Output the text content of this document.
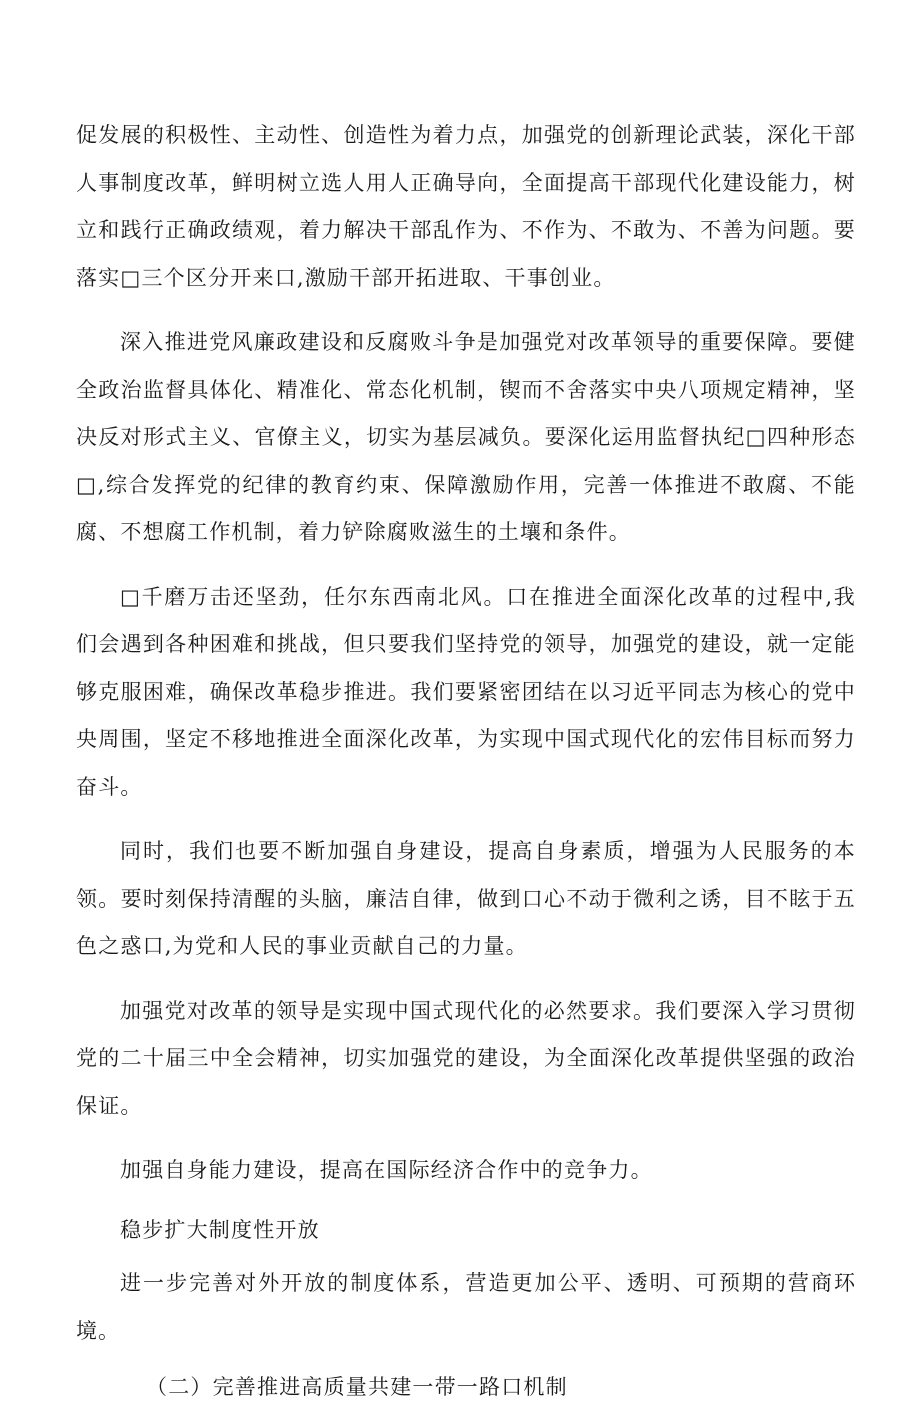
促发展的积极性、主动性、创造性为着力点，加强党的创新理论武装，深化干部人事制度改革，鲜明树立选人用人正确导向，全面提高干部现代化建设能力，树立和践行正确政绩观，着力解决干部乱作为、不作为、不敢为、不善为问题。要落实□三个区分开来口,激励干部开拓进取、干事创业。

深入推进党风廉政建设和反腐败斗争是加强党对改革领导的重要保障。要健全政治监督具体化、精准化、常态化机制，锲而不舍落实中央八项规定精神，坚决反对形式主义、官僚主义，切实为基层减负。要深化运用监督执纪□四种形态□,综合发挥党的纪律的教育约束、保障激励作用，完善一体推进不敢腐、不能腐、不想腐工作机制，着力铲除腐败滋生的土壤和条件。

□千磨万击还坚劲，任尔东西南北风。口在推进全面深化改革的过程中,我们会遇到各种困难和挑战，但只要我们坚持党的领导，加强党的建设，就一定能够克服困难，确保改革稳步推进。我们要紧密团结在以习近平同志为核心的党中央周围，坚定不移地推进全面深化改革，为实现中国式现代化的宏伟目标而努力奋斗。

同时，我们也要不断加强自身建设，提高自身素质，增强为人民服务的本领。要时刻保持清醒的头脑，廉洁自律，做到口心不动于微利之诱，目不眩于五色之惑口,为党和人民的事业贡献自己的力量。

加强党对改革的领导是实现中国式现代化的必然要求。我们要深入学习贯彻党的二十届三中全会精神，切实加强党的建设，为全面深化改革提供坚强的政治保证。

加强自身能力建设，提高在国际经济合作中的竞争力。

稳步扩大制度性开放

进一步完善对外开放的制度体系，营造更加公平、透明、可预期的营商环境。

（二）完善推进高质量共建一带一路口机制
